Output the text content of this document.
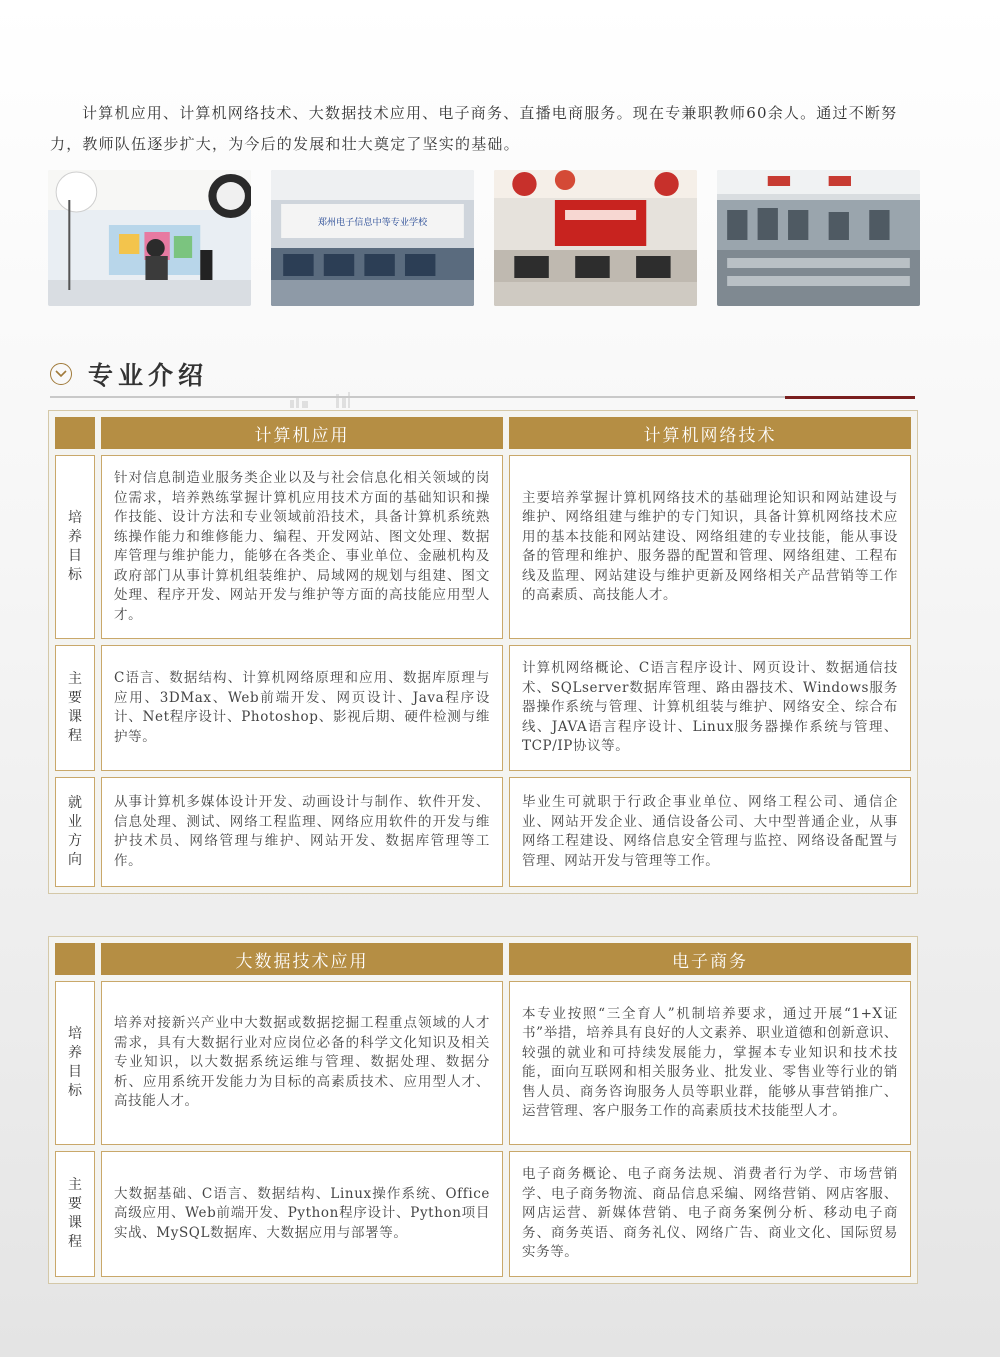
计算机应用、计算机网络技术、大数据技术应用、电子商务、直播电商服务。现在专兼职教师60余人。通过不断努力，教师队伍逐步扩大，为今后的发展和壮大奠定了坚实的基础。
郑州电子信息中等专业学校
专业介绍
计算机应用	计算机网络技术
培养目标
针对信息制造业服务类企业以及与社会信息化相关领域的岗位需求，培养熟练掌握计算机应用技术方面的基础知识和操作技能、设计方法和专业领域前沿技术，具备计算机系统熟练操作能力和维修能力、编程、开发网站、图文处理、数据库管理与维护能力，能够在各类企、事业单位、金融机构及政府部门从事计算机组装维护、局域网的规划与组建、图文处理、程序开发、网站开发与维护等方面的高技能应用型人才。
主要培养掌握计算机网络技术的基础理论知识和网站建设与维护、网络组建与维护的专门知识，具备计算机网络技术应用的基本技能和网站建设、网络组建的专业技能，能从事设备的管理和维护、服务器的配置和管理、网络组建、工程布线及监理、网站建设与维护更新及网络相关产品营销等工作的高素质、高技能人才。
主要课程
C语言、数据结构、计算机网络原理和应用、数据库原理与应用、3DMax、Web前端开发、网页设计、Java程序设计、Net程序设计、Photoshop、影视后期、硬件检测与维护等。
计算机网络概论、C语言程序设计、网页设计、数据通信技术、SQLserver数据库管理、路由器技术、Windows服务器操作系统与管理、计算机组装与维护、网络安全、综合布线、JAVA语言程序设计、Linux服务器操作系统与管理、TCP/IP协议等。
就业方向
从事计算机多媒体设计开发、动画设计与制作、软件开发、信息处理、测试、网络工程监理、网络应用软件的开发与维护技术员、网络管理与维护、网站开发、数据库管理等工作。
毕业生可就职于行政企事业单位、网络工程公司、通信企业、网站开发企业、通信设备公司、大中型普通企业，从事网络工程建设、网络信息安全管理与监控、网络设备配置与管理、网站开发与管理等工作。
大数据技术应用	电子商务
培养目标
培养对接新兴产业中大数据或数据挖掘工程重点领域的人才需求，具有大数据行业对应岗位必备的科学文化知识及相关专业知识，以大数据系统运维与管理、数据处理、数据分析、应用系统开发能力为目标的高素质技术、应用型人才、高技能人才。
本专业按照“三全育人”机制培养要求，通过开展“1+X证书”举措，培养具有良好的人文素养、职业道德和创新意识、较强的就业和可持续发展能力，掌握本专业知识和技术技能，面向互联网和相关服务业、批发业、零售业等行业的销售人员、商务咨询服务人员等职业群，能够从事营销推广、运营管理、客户服务工作的高素质技术技能型人才。
主要课程
大数据基础、C语言、数据结构、Linux操作系统、Office高级应用、Web前端开发、Python程序设计、Python项目实战、MySQL数据库、大数据应用与部署等。
电子商务概论、电子商务法规、消费者行为学、市场营销学、电子商务物流、商品信息采编、网络营销、网店客服、网店运营、新媒体营销、电子商务案例分析、移动电子商务、商务英语、商务礼仪、网络广告、商业文化、国际贸易实务等。
